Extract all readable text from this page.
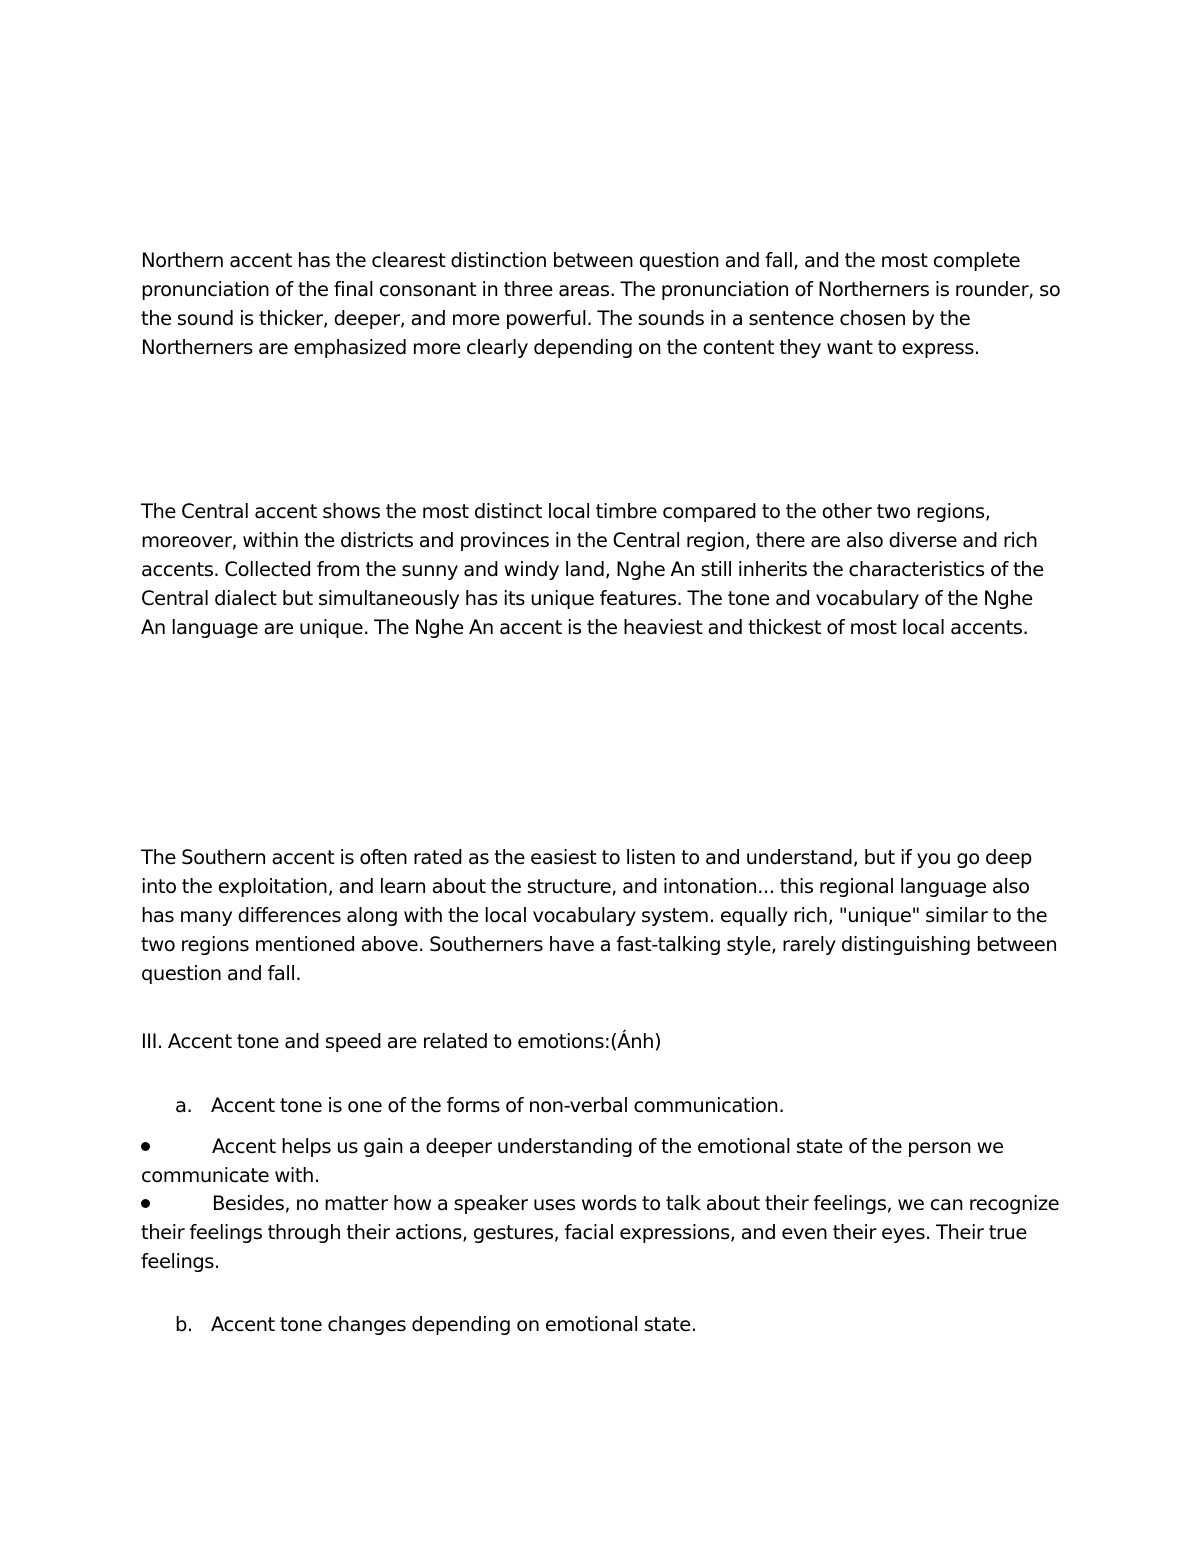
Northern accent has the clearest distinction between question and fall, and the most complete pronunciation of the final consonant in three areas. The pronunciation of Northerners is rounder, so the sound is thicker, deeper, and more powerful. The sounds in a sentence chosen by the Northerners are emphasized more clearly depending on the content they want to express.

The Central accent shows the most distinct local timbre compared to the other two regions, moreover, within the districts and provinces in the Central region, there are also diverse and rich accents. Collected from the sunny and windy land, Nghe An still inherits the characteristics of the Central dialect but simultaneously has its unique features. The tone and vocabulary of the Nghe An language are unique. The Nghe An accent is the heaviest and thickest of most local accents.

The Southern accent is often rated as the easiest to listen to and understand, but if you go deep into the exploitation, and learn about the structure, and intonation... this regional language also has many differences along with the local vocabulary system. equally rich, "unique" similar to the two regions mentioned above. Southerners have a fast-talking style, rarely distinguishing between question and fall.

III. Accent tone and speed are related to emotions:(Ánh)

a. Accent tone is one of the forms of non-verbal communication.

Accent helps us gain a deeper understanding of the emotional state of the person we communicate with.

Besides, no matter how a speaker uses words to talk about their feelings, we can recognize their feelings through their actions, gestures, facial expressions, and even their eyes. Their true feelings.

b. Accent tone changes depending on emotional state.
